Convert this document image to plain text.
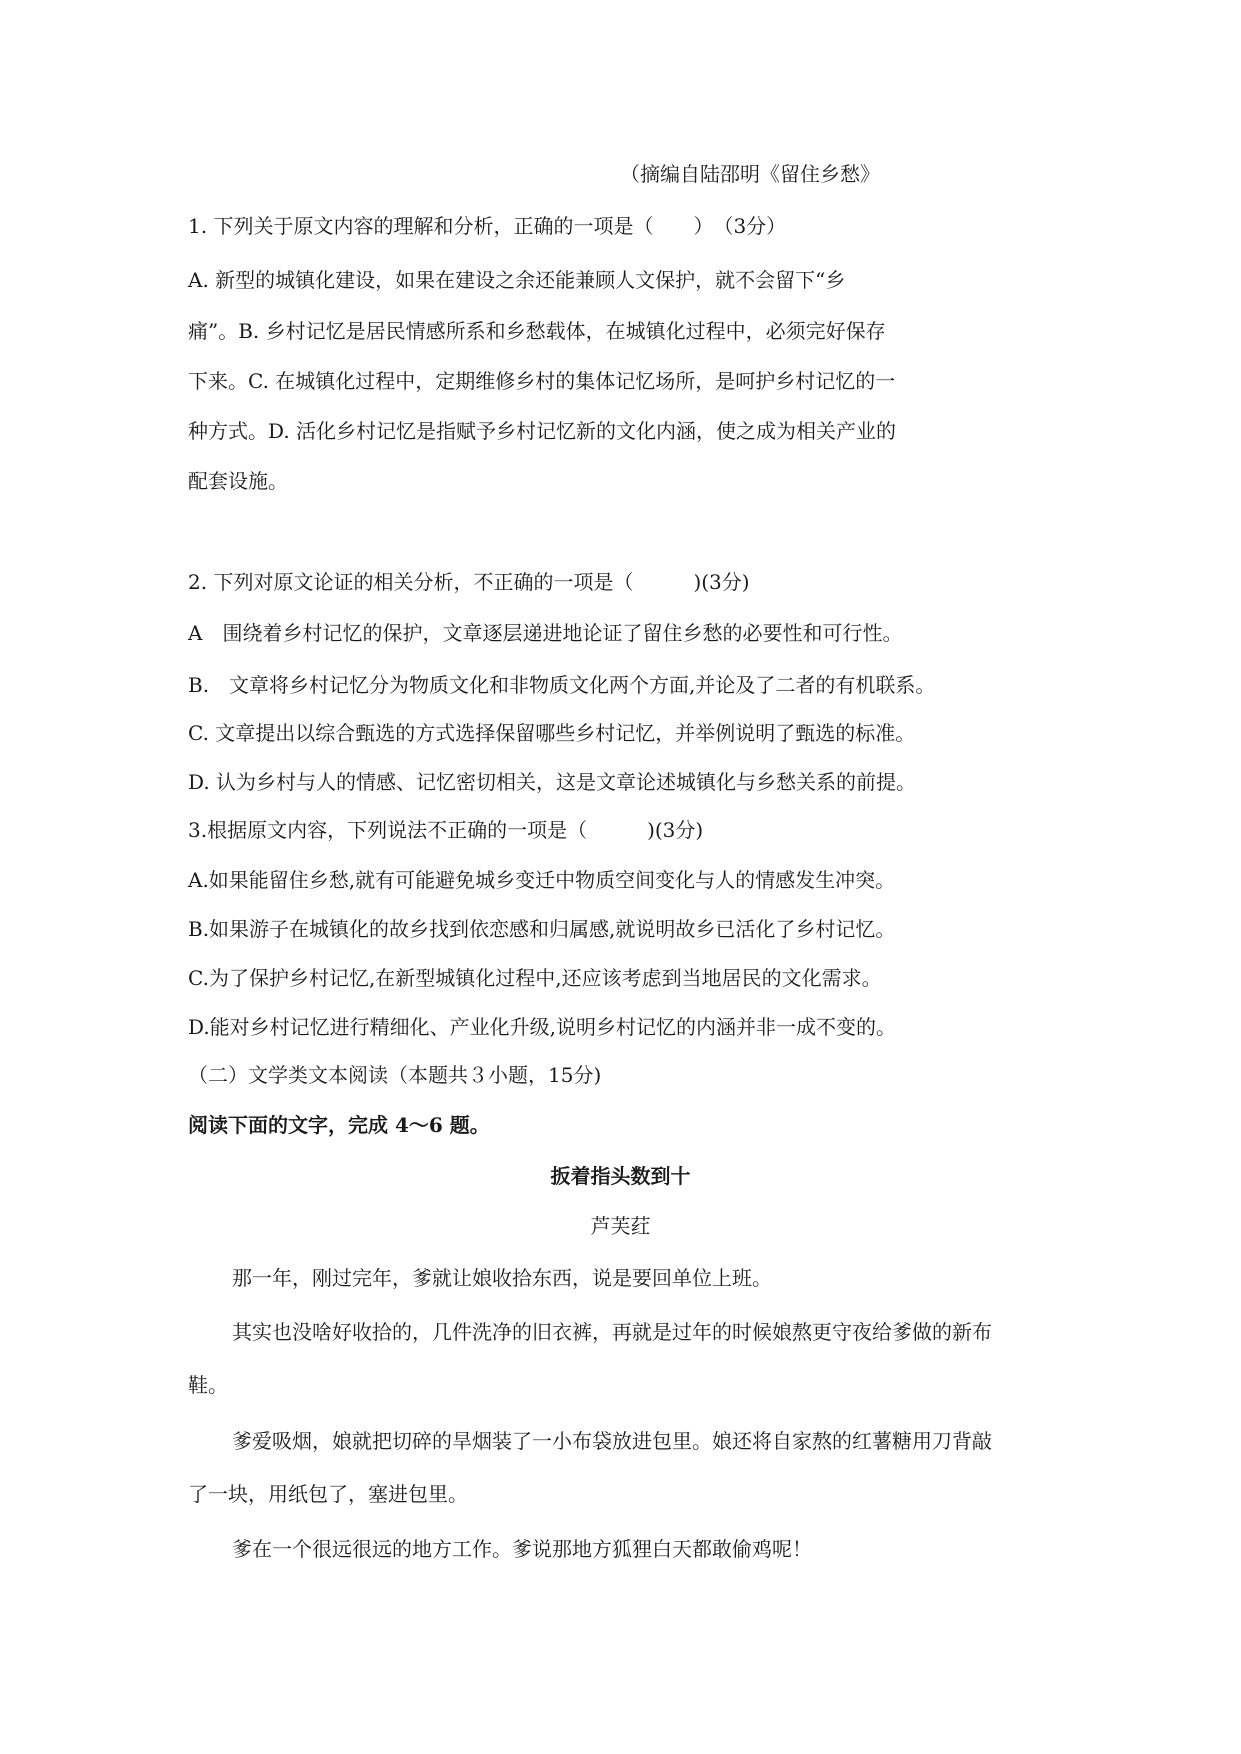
（摘编自陆邵明《留住乡愁》
1. 下列关于原文内容的理解和分析，正确的一项是（　　）　（3分）
A. 新型的城镇化建设，如果在建设之余还能兼顾人文保护，就不会留下“乡
痛”。B. 乡村记忆是居民情感所系和乡愁载体，在城镇化过程中，必须完好保存
下来。C. 在城镇化过程中，定期维修乡村的集体记忆场所，是呵护乡村记忆的一
种方式。D. 活化乡村记忆是指赋予乡村记忆新的文化内涵，使之成为相关产业的
配套设施。
2. 下列对原文论证的相关分析，不正确的一项是（　　　)(3分)
A　围绕着乡村记忆的保护，文章逐层递进地论证了留住乡愁的必要性和可行性。
B.　文章将乡村记忆分为物质文化和非物质文化两个方面,并论及了二者的有机联系。
C. 文章提出以综合甄选的方式选择保留哪些乡村记忆，并举例说明了甄选的标准。
D. 认为乡村与人的情感、记忆密切相关，这是文章论述城镇化与乡愁关系的前提。
3.根据原文内容，下列说法不正确的一项是（　　　)(3分)
A.如果能留住乡愁,就有可能避免城乡变迁中物质空间变化与人的情感发生冲突。
B.如果游子在城镇化的故乡找到依恋感和归属感,就说明故乡已活化了乡村记忆。
C.为了保护乡村记忆,在新型城镇化过程中,还应该考虑到当地居民的文化需求。
D.能对乡村记忆进行精细化、产业化升级,说明乡村记忆的内涵并非一成不变的。
（二）文学类文本阅读（本题共３小题，15分)
阅读下面的文字，完成 4～6 题。
扳着指头数到十
芦芙荭
那一年，刚过完年，爹就让娘收拾东西，说是要回单位上班。
其实也没啥好收拾的，几件洗净的旧衣裤，再就是过年的时候娘熬更守夜给爹做的新布
鞋。
爹爱吸烟，娘就把切碎的旱烟装了一小布袋放进包里。娘还将自家熬的红薯糖用刀背敲
了一块，用纸包了，塞进包里。
爹在一个很远很远的地方工作。爹说那地方狐狸白天都敢偷鸡呢！
